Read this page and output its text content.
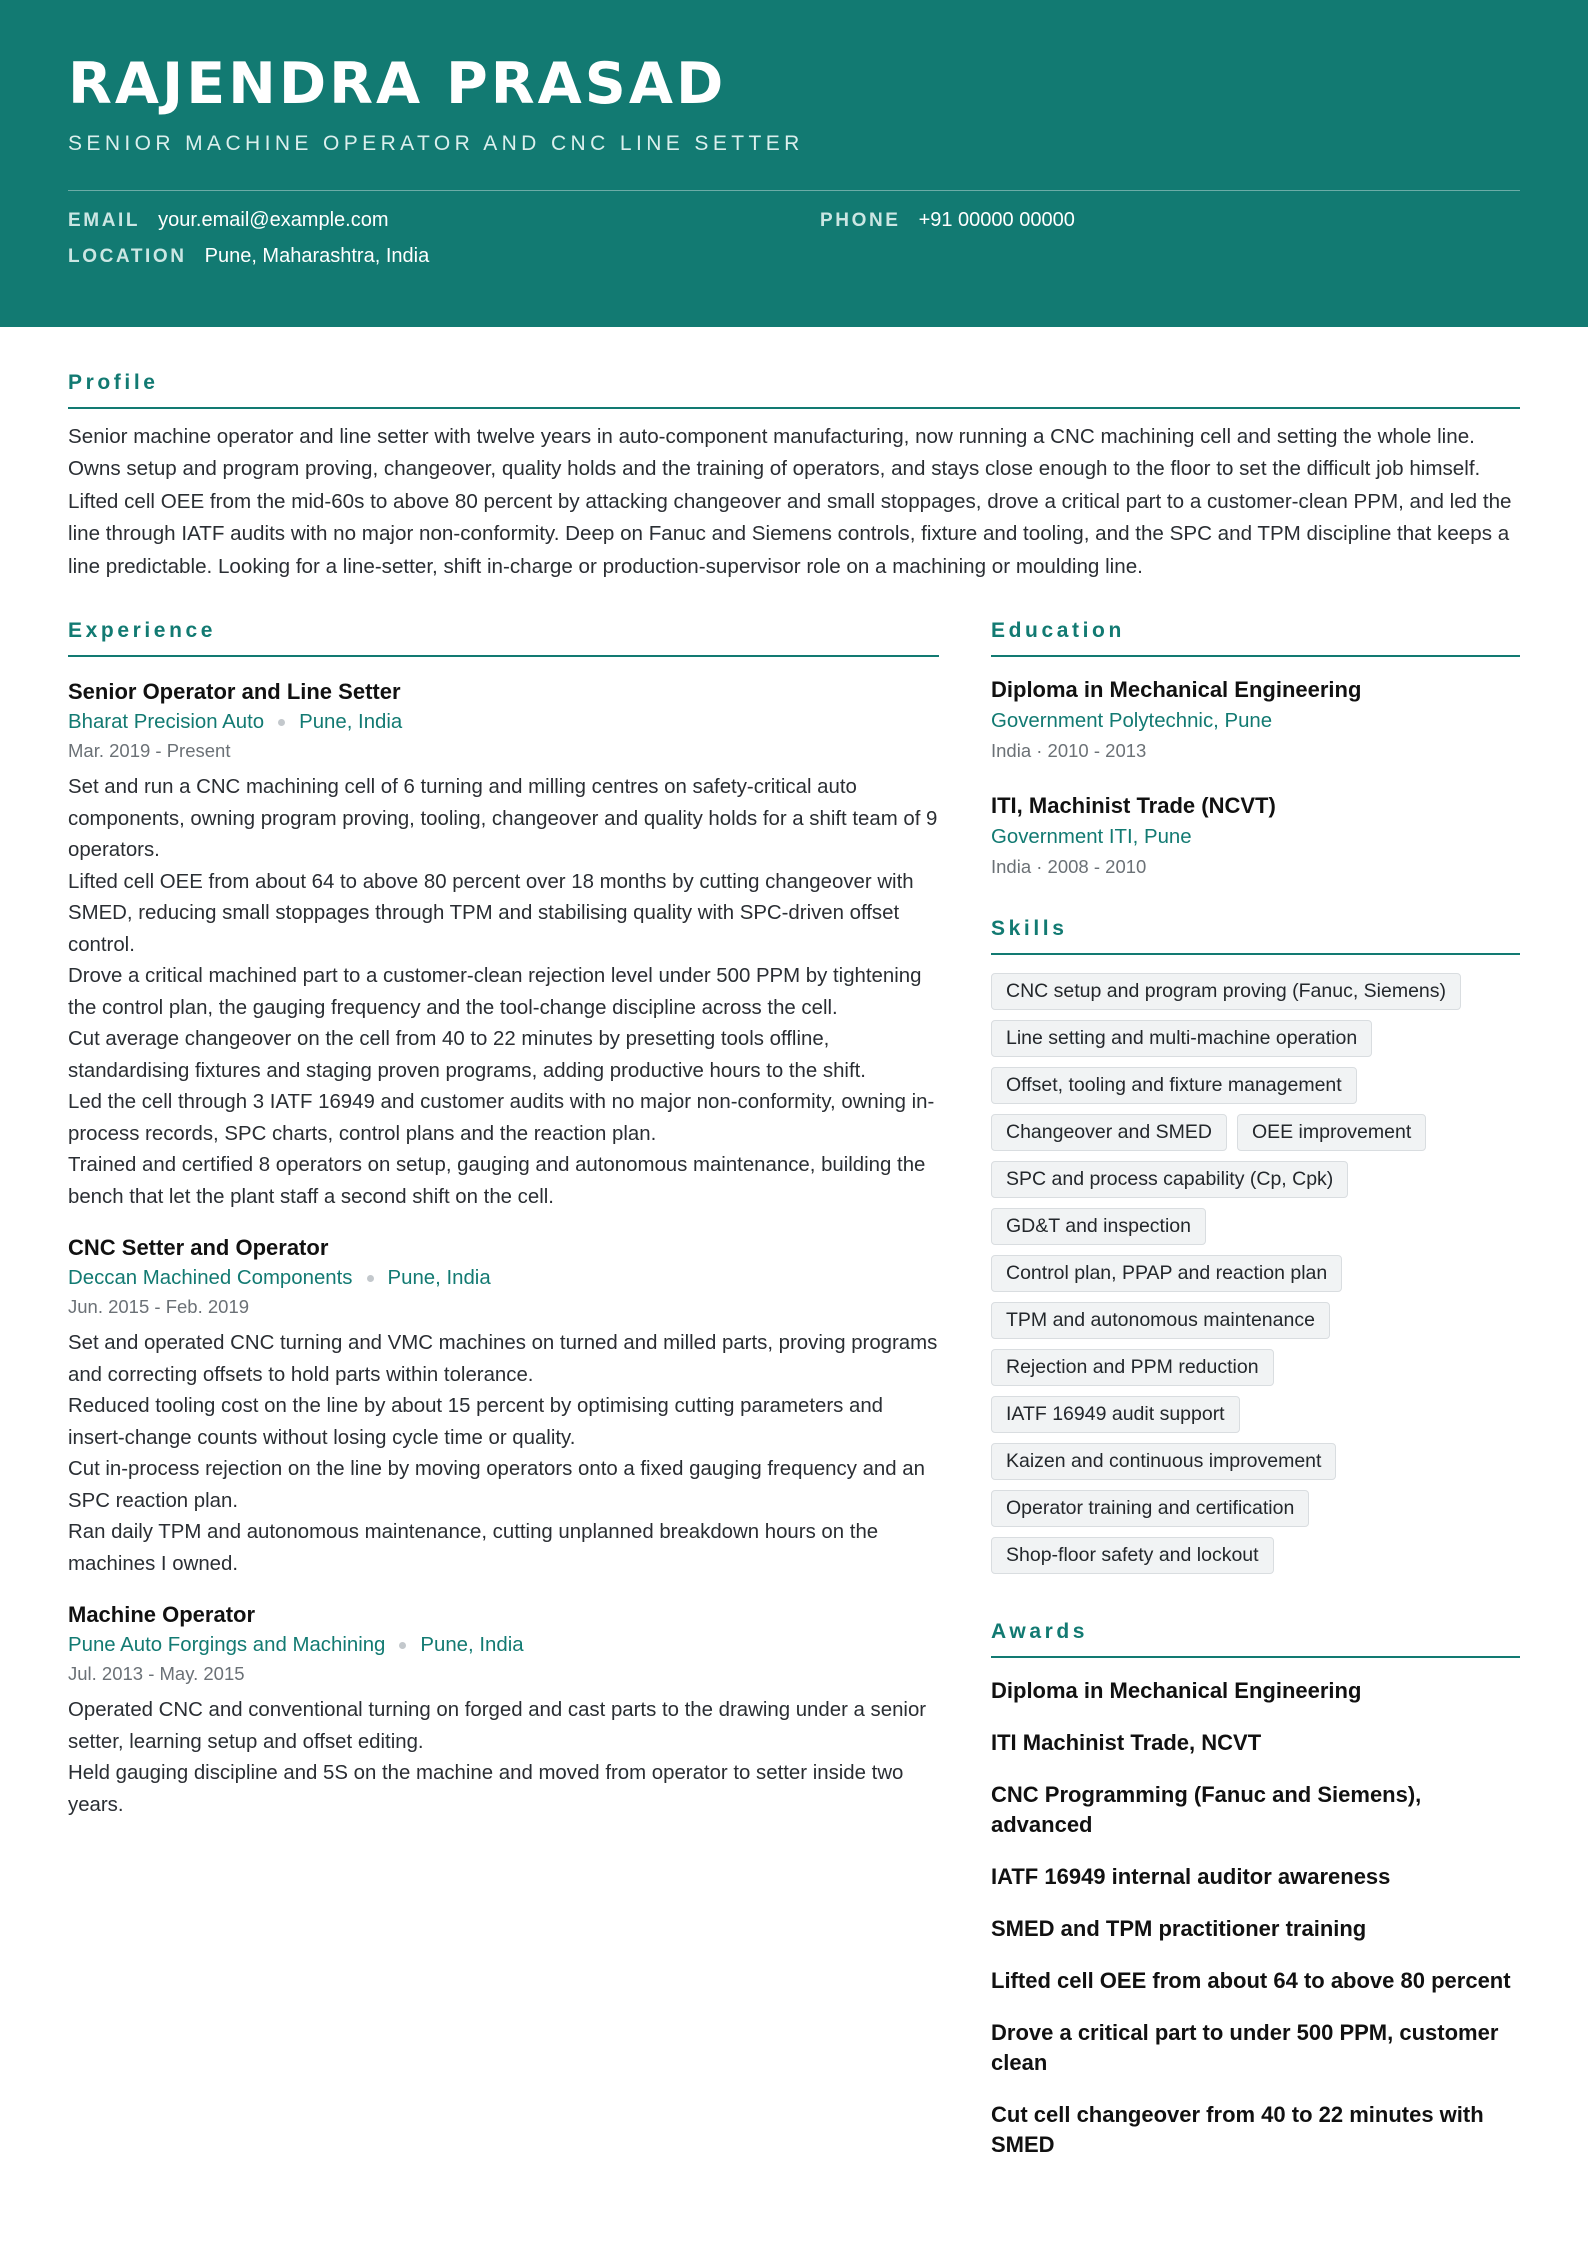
RAJENDRA PRASAD
SENIOR MACHINE OPERATOR AND CNC LINE SETTER
EMAIL your.email@example.com	PHONE +91 00000 00000
LOCATION Pune, Maharashtra, India
Profile

Senior machine operator and line setter with twelve years in auto-component manufacturing, now running a CNC machining cell and setting the whole line. Owns setup and program proving, changeover, quality holds and the training of operators, and stays close enough to the floor to set the difficult job himself. Lifted cell OEE from the mid-60s to above 80 percent by attacking changeover and small stoppages, drove a critical part to a customer-clean PPM, and led the line through IATF audits with no major non-conformity. Deep on Fanuc and Siemens controls, fixture and tooling, and the SPC and TPM discipline that keeps a line predictable. Looking for a line-setter, shift in-charge or production-supervisor role on a machining or moulding line.

Experience
Senior Operator and Line Setter
Bharat Precision Auto Pune, India
Mar. 2019 - Present
Set and run a CNC machining cell of 6 turning and milling centres on safety-critical auto components, owning program proving, tooling, changeover and quality holds for a shift team of 9 operators.
Lifted cell OEE from about 64 to above 80 percent over 18 months by cutting changeover with SMED, reducing small stoppages through TPM and stabilising quality with SPC-driven offset control.
Drove a critical machined part to a customer-clean rejection level under 500 PPM by tightening the control plan, the gauging frequency and the tool-change discipline across the cell.
Cut average changeover on the cell from 40 to 22 minutes by presetting tools offline, standardising fixtures and staging proven programs, adding productive hours to the shift.
Led the cell through 3 IATF 16949 and customer audits with no major non-conformity, owning in-process records, SPC charts, control plans and the reaction plan.
Trained and certified 8 operators on setup, gauging and autonomous maintenance, building the bench that let the plant staff a second shift on the cell.
CNC Setter and Operator
Deccan Machined Components Pune, India
Jun. 2015 - Feb. 2019
Set and operated CNC turning and VMC machines on turned and milled parts, proving programs and correcting offsets to hold parts within tolerance.
Reduced tooling cost on the line by about 15 percent by optimising cutting parameters and insert-change counts without losing cycle time or quality.
Cut in-process rejection on the line by moving operators onto a fixed gauging frequency and an SPC reaction plan.
Ran daily TPM and autonomous maintenance, cutting unplanned breakdown hours on the machines I owned.
Machine Operator
Pune Auto Forgings and Machining Pune, India
Jul. 2013 - May. 2015
Operated CNC and conventional turning on forged and cast parts to the drawing under a senior setter, learning setup and offset editing.
Held gauging discipline and 5S on the machine and moved from operator to setter inside two years.
Education
Diploma in Mechanical Engineering
Government Polytechnic, Pune
India · 2010 - 2013
ITI, Machinist Trade (NCVT)
Government ITI, Pune
India · 2008 - 2010
Skills
CNC setup and program proving (Fanuc, Siemens)
Line setting and multi-machine operation
Offset, tooling and fixture management
Changeover and SMED	OEE improvement
SPC and process capability (Cp, Cpk)
GD&T and inspection
Control plan, PPAP and reaction plan
TPM and autonomous maintenance
Rejection and PPM reduction
IATF 16949 audit support
Kaizen and continuous improvement
Operator training and certification
Shop-floor safety and lockout
Awards
Diploma in Mechanical Engineering
ITI Machinist Trade, NCVT
CNC Programming (Fanuc and Siemens), advanced
IATF 16949 internal auditor awareness
SMED and TPM practitioner training
Lifted cell OEE from about 64 to above 80 percent
Drove a critical part to under 500 PPM, customer clean
Cut cell changeover from 40 to 22 minutes with SMED
